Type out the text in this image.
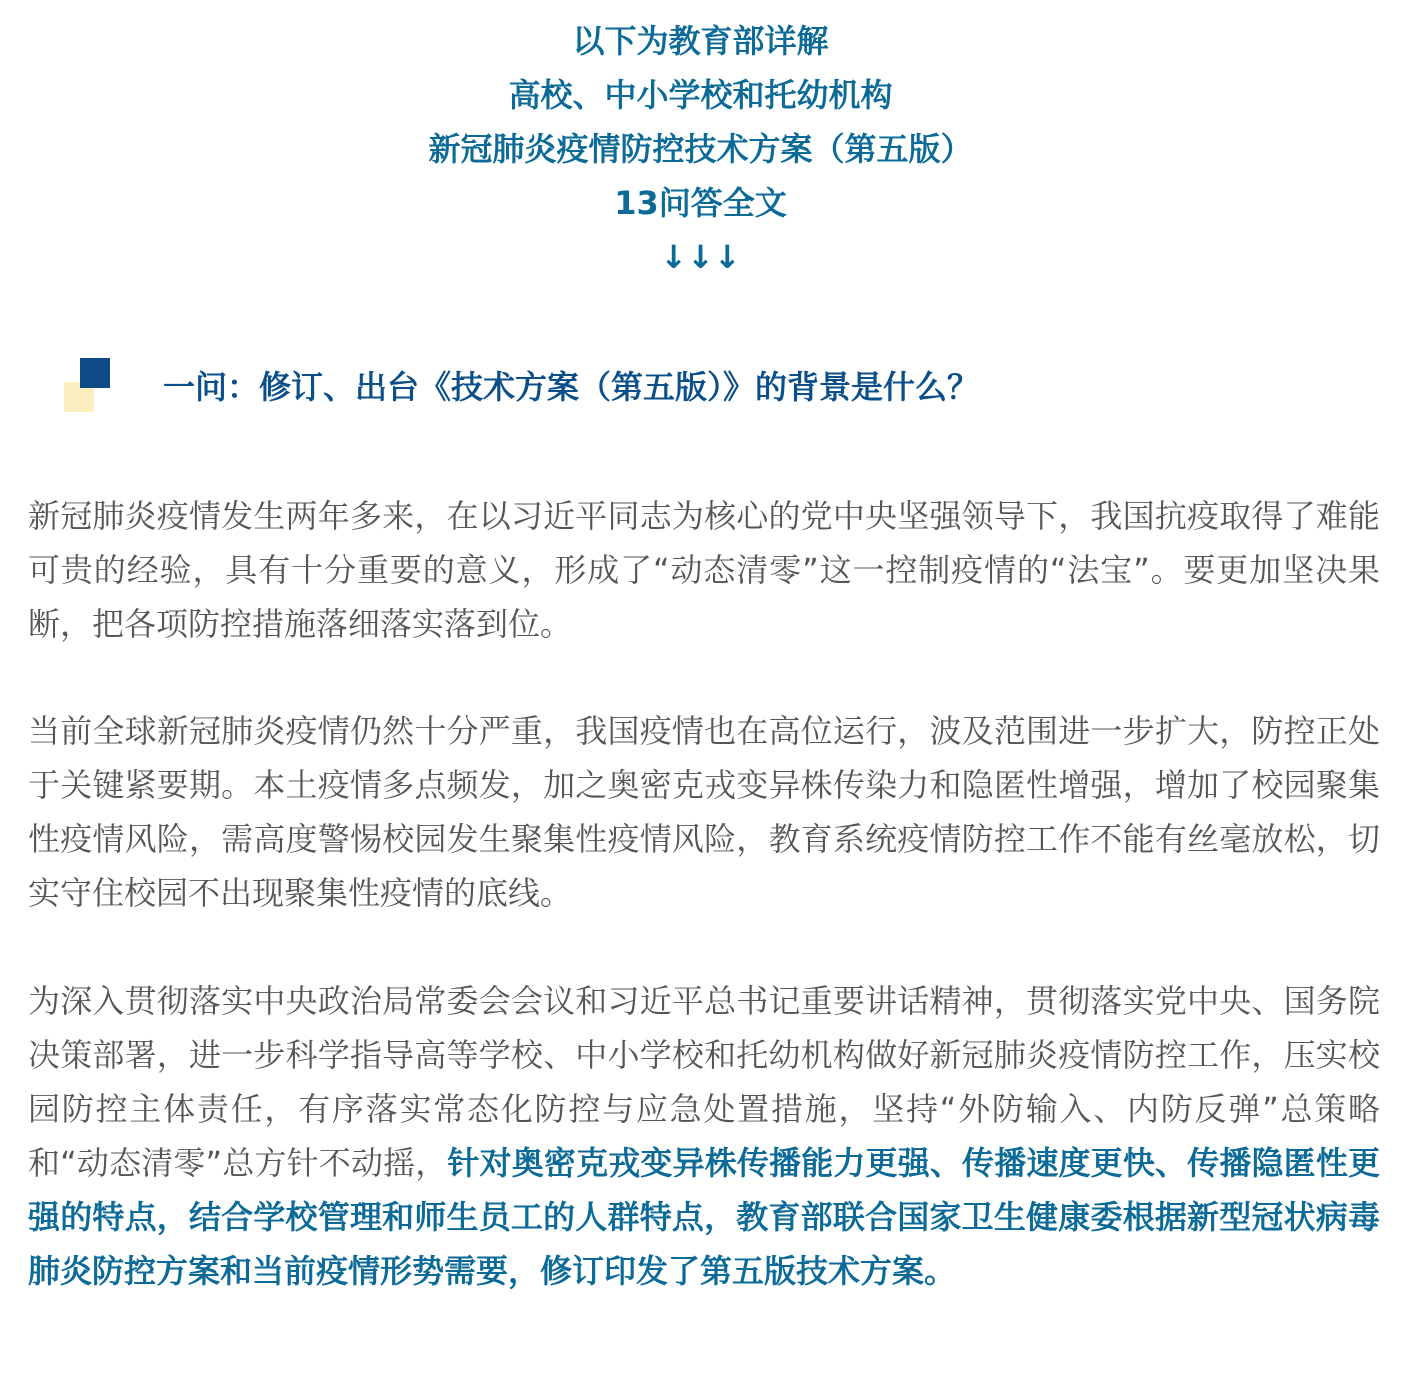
以下为教育部详解
高校、中小学校和托幼机构
新冠肺炎疫情防控技术方案（第五版）
13问答全文
↓↓↓
一问：修订、出台《技术方案（第五版）》的背景是什么？

新冠肺炎疫情发生两年多来，在以习近平同志为核心的党中央坚强领导下，我国抗疫取得了难能可贵的经验，具有十分重要的意义，形成了“动态清零”这一控制疫情的“法宝”。要更加坚决果断，把各项防控措施落细落实落到位。

当前全球新冠肺炎疫情仍然十分严重，我国疫情也在高位运行，波及范围进一步扩大，防控正处于关键紧要期。本土疫情多点频发，加之奥密克戎变异株传染力和隐匿性增强，增加了校园聚集性疫情风险，需高度警惕校园发生聚集性疫情风险，教育系统疫情防控工作不能有丝毫放松，切实守住校园不出现聚集性疫情的底线。

为深入贯彻落实中央政治局常委会会议和习近平总书记重要讲话精神，贯彻落实党中央、国务院决策部署，进一步科学指导高等学校、中小学校和托幼机构做好新冠肺炎疫情防控工作，压实校园防控主体责任，有序落实常态化防控与应急处置措施，坚持“外防输入、内防反弹”总策略和“动态清零”总方针不动摇，针对奥密克戎变异株传播能力更强、传播速度更快、传播隐匿性更强的特点，结合学校管理和师生员工的人群特点，教育部联合国家卫生健康委根据新型冠状病毒肺炎防控方案和当前疫情形势需要，修订印发了第五版技术方案。
